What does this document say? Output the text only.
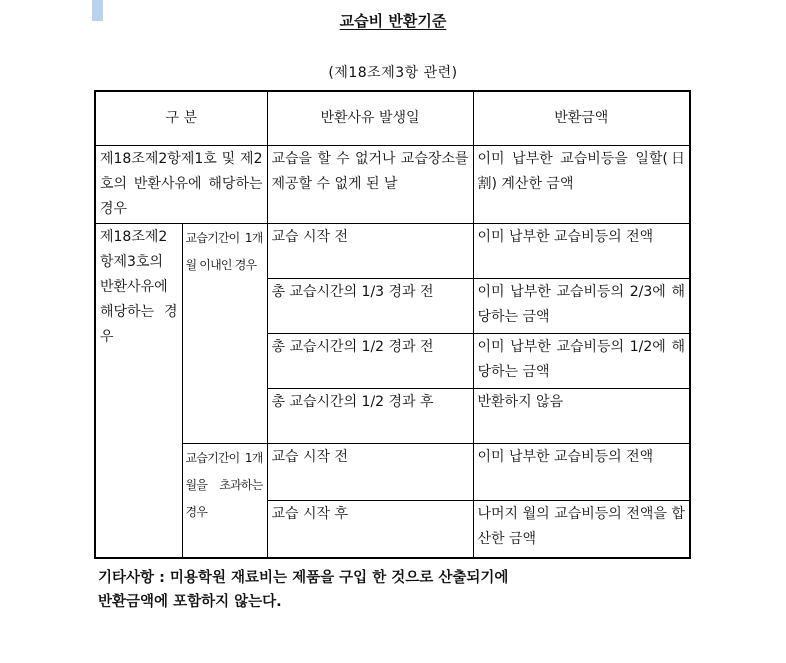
교습비 반환기준
(제18조제3항 관련)
구 분		반환사유 발생일	반환금액
제18조제2항제1호 및 제2호의 반환사유에 해당하는 경우		교습을 할 수 없거나 교습장소를 제공할 수 없게 된 날	이미 납부한 교습비등을 일할(日割) 계산한 금액
제18조제2항제3호의 반환사유에 해당하는 경우	교습기간이 1개월 이내인 경우	교습 시작 전	이미 납부한 교습비등의 전액
		총 교습시간의 1/3 경과 전	이미 납부한 교습비등의 2/3에 해당하는 금액
		총 교습시간의 1/2 경과 전	이미 납부한 교습비등의 1/2에 해당하는 금액
		총 교습시간의 1/2 경과 후	반환하지 않음
	교습기간이 1개월을 초과하는 경우	교습 시작 전	이미 납부한 교습비등의 전액
		교습 시작 후	나머지 월의 교습비등의 전액을 합산한 금액
기타사항 : 미용학원 재료비는 제품을 구입 한 것으로 산출되기에
반환금액에 포함하지 않는다.
